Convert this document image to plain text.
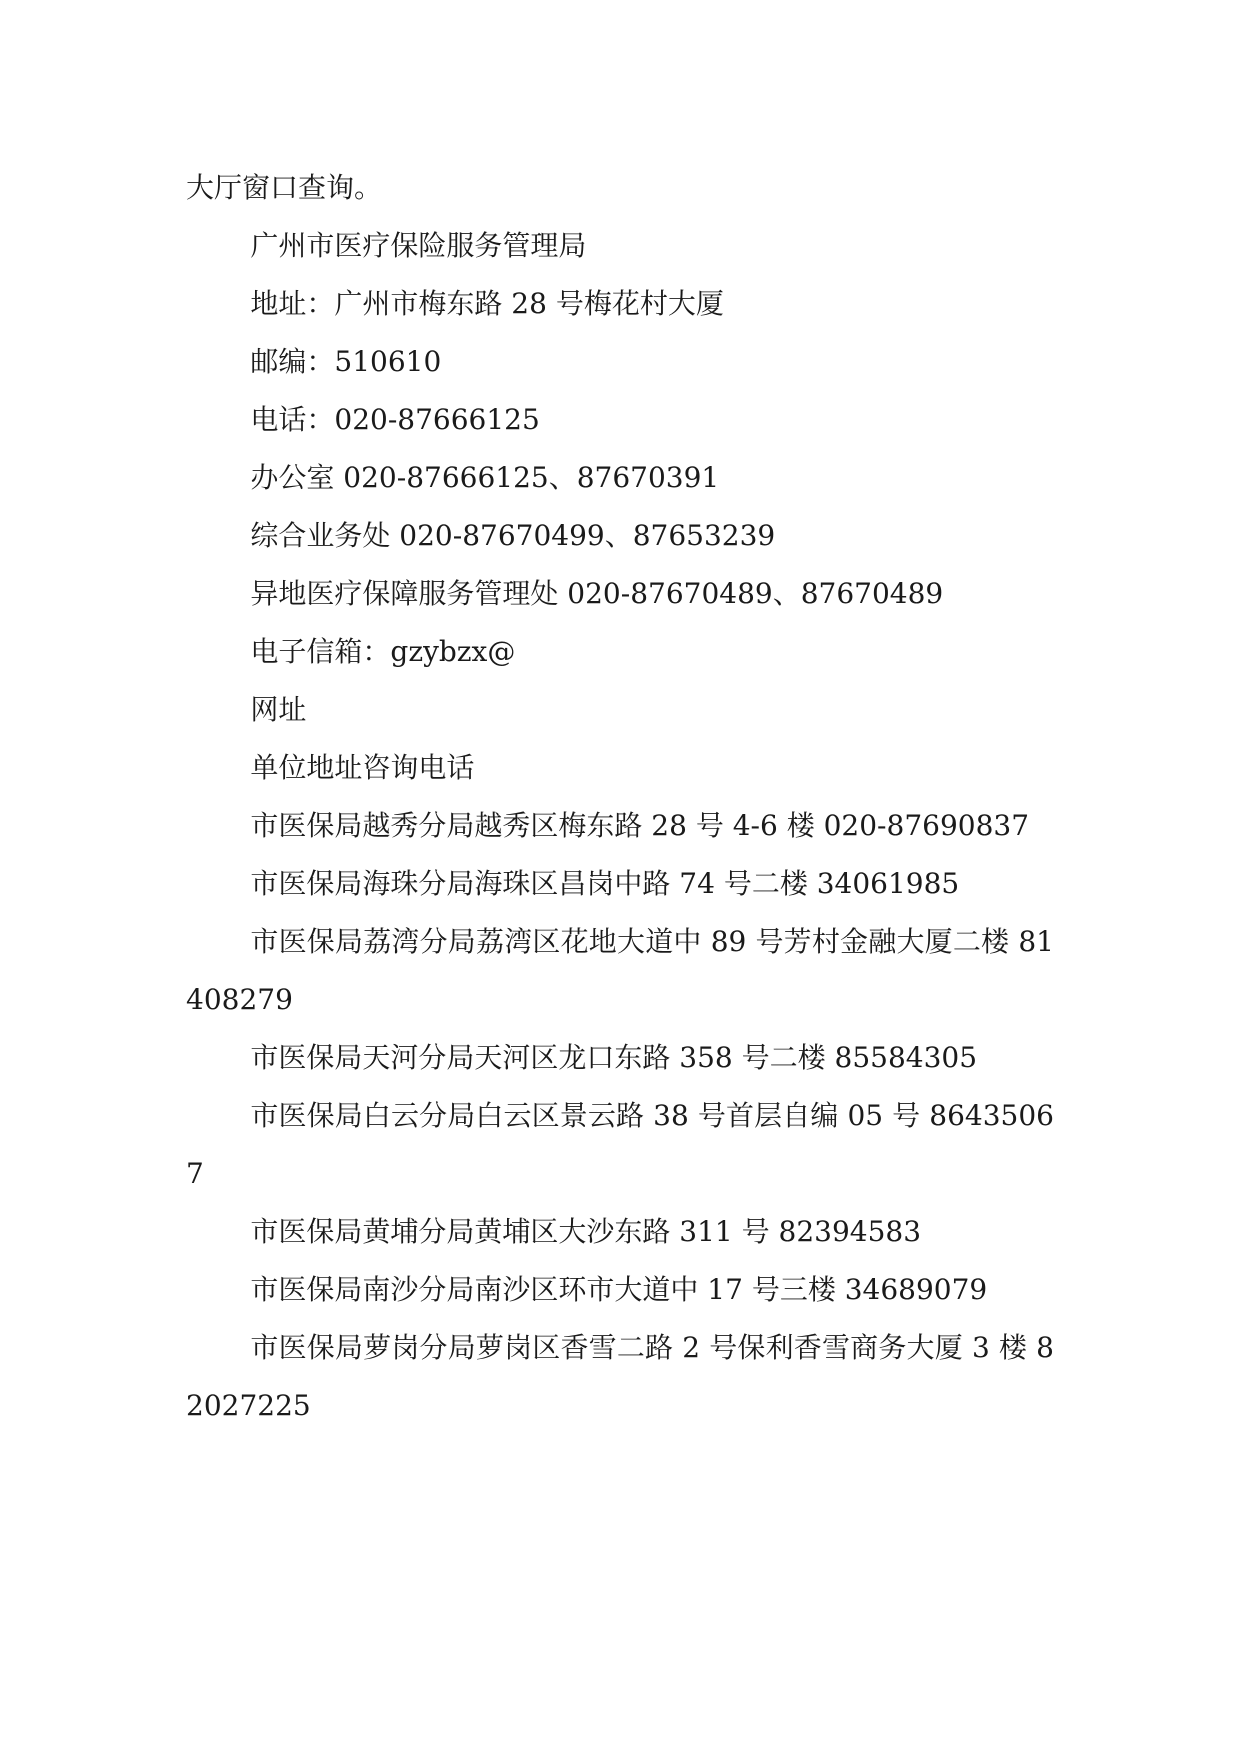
大厅窗口查询。

广州市医疗保险服务管理局

地址：广州市梅东路 28 号梅花村大厦

邮编：510610

电话：020-87666125

办公室 020-87666125、87670391

综合业务处 020-87670499、87653239

异地医疗保障服务管理处 020-87670489、87670489

电子信箱：gzybzx@

网址

单位地址咨询电话

市医保局越秀分局越秀区梅东路 28 号 4-6 楼 020-87690837

市医保局海珠分局海珠区昌岗中路 74 号二楼 34061985

市医保局荔湾分局荔湾区花地大道中 89 号芳村金融大厦二楼 81408279

市医保局天河分局天河区龙口东路 358 号二楼 85584305

市医保局白云分局白云区景云路 38 号首层自编 05 号 86435067

市医保局黄埔分局黄埔区大沙东路 311 号 82394583

市医保局南沙分局南沙区环市大道中 17 号三楼 34689079

市医保局萝岗分局萝岗区香雪二路 2 号保利香雪商务大厦 3 楼 82027225
